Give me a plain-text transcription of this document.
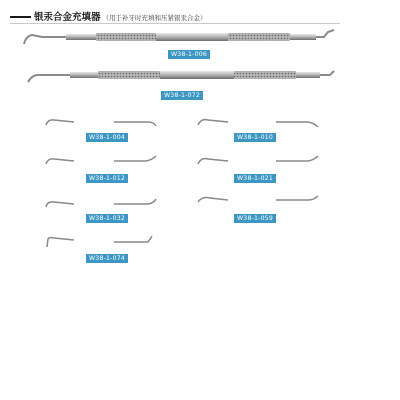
银汞合金充填器 （用于补牙时充填和压紧银汞合金）
W38-1-006
W38-1-072
W38-1-004
W38-1-012
W38-1-032
W38-1-074
W38-1-010
W38-1-021
W38-1-059
